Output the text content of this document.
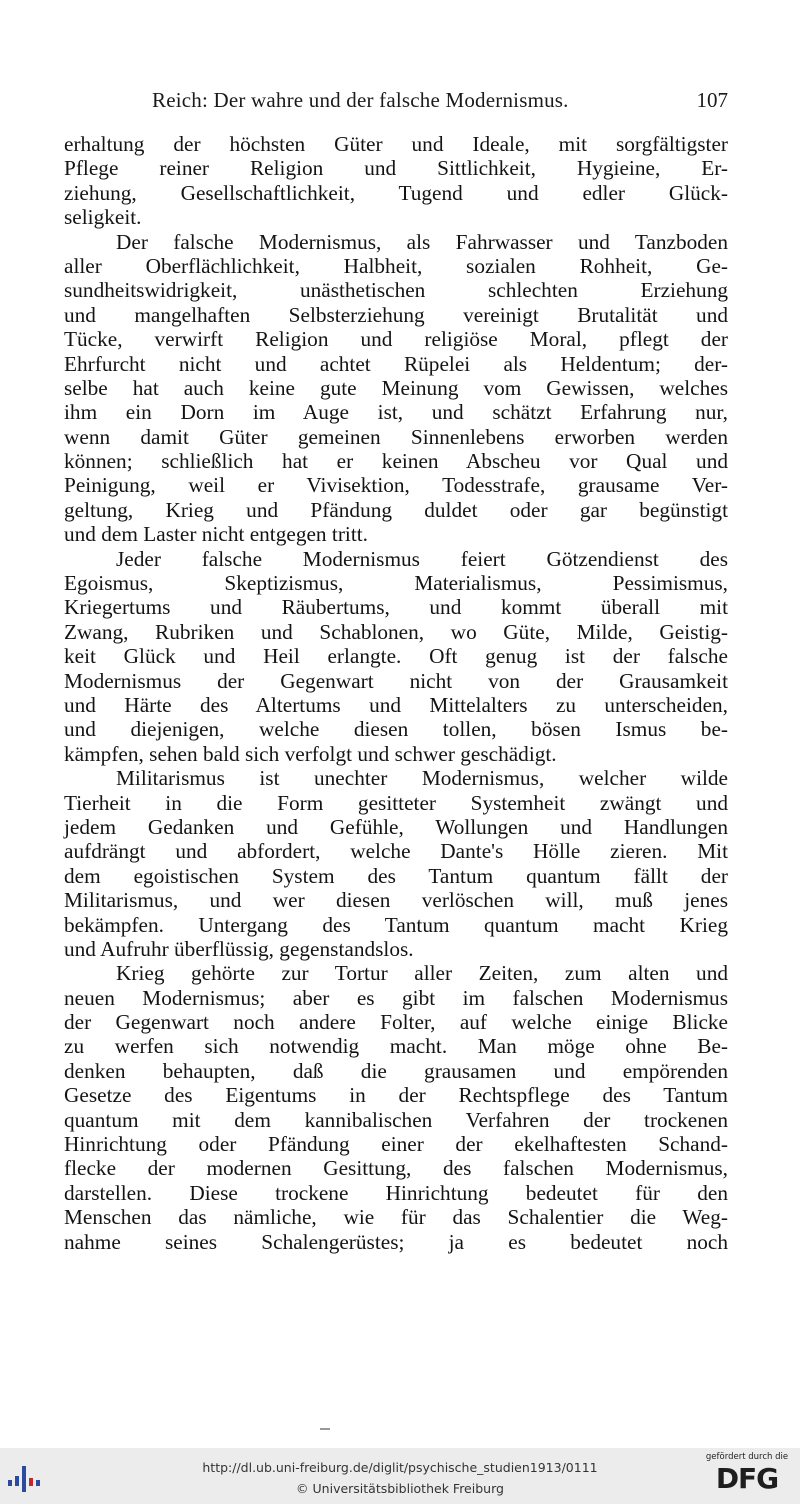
Reich: Der wahre und der falsche Modernismus.	107
erhaltung der höchsten Güter und Ideale, mit sorgfältigster
Pflege reiner Religion und Sittlichkeit, Hygieine, Er-
ziehung, Gesellschaftlichkeit, Tugend und edler Glück-
seligkeit.
Der falsche Modernismus, als Fahrwasser und Tanzboden
aller Oberflächlichkeit, Halbheit, sozialen Rohheit, Ge-
sundheitswidrigkeit, unästhetischen schlechten Erziehung
und mangelhaften Selbsterziehung vereinigt Brutalität und
Tücke, verwirft Religion und religiöse Moral, pflegt der
Ehrfurcht nicht und achtet Rüpelei als Heldentum; der-
selbe hat auch keine gute Meinung vom Gewissen, welches
ihm ein Dorn im Auge ist, und schätzt Erfahrung nur,
wenn damit Güter gemeinen Sinnenlebens erworben werden
können; schließlich hat er keinen Abscheu vor Qual und
Peinigung, weil er Vivisektion, Todesstrafe, grausame Ver-
geltung, Krieg und Pfändung duldet oder gar begünstigt
und dem Laster nicht entgegen tritt.
Jeder falsche Modernismus feiert Götzendienst des
Egoismus, Skeptizismus, Materialismus, Pessimismus,
Kriegertums und Räubertums, und kommt überall mit
Zwang, Rubriken und Schablonen, wo Güte, Milde, Geistig-
keit Glück und Heil erlangte. Oft genug ist der falsche
Modernismus der Gegenwart nicht von der Grausamkeit
und Härte des Altertums und Mittelalters zu unterscheiden,
und diejenigen, welche diesen tollen, bösen Ismus be-
kämpfen, sehen bald sich verfolgt und schwer geschädigt.
Militarismus ist unechter Modernismus, welcher wilde
Tierheit in die Form gesitteter Systemheit zwängt und
jedem Gedanken und Gefühle, Wollungen und Handlungen
aufdrängt und abfordert, welche Dante's Hölle zieren. Mit
dem egoistischen System des Tantum quantum fällt der
Militarismus, und wer diesen verlöschen will, muß jenes
bekämpfen. Untergang des Tantum quantum macht Krieg
und Aufruhr überflüssig, gegenstandslos.
Krieg gehörte zur Tortur aller Zeiten, zum alten und
neuen Modernismus; aber es gibt im falschen Modernismus
der Gegenwart noch andere Folter, auf welche einige Blicke
zu werfen sich notwendig macht. Man möge ohne Be-
denken behaupten, daß die grausamen und empörenden
Gesetze des Eigentums in der Rechtspflege des Tantum
quantum mit dem kannibalischen Verfahren der trockenen
Hinrichtung oder Pfändung einer der ekelhaftesten Schand-
flecke der modernen Gesittung, des falschen Modernismus,
darstellen. Diese trockene Hinrichtung bedeutet für den
Menschen das nämliche, wie für das Schalentier die Weg-
nahme seines Schalengerüstes; ja es bedeutet noch
http://dl.ub.uni-freiburg.de/diglit/psychische_studien1913/0111
© Universitätsbibliothek Freiburg
gefördert durch die
DFG
